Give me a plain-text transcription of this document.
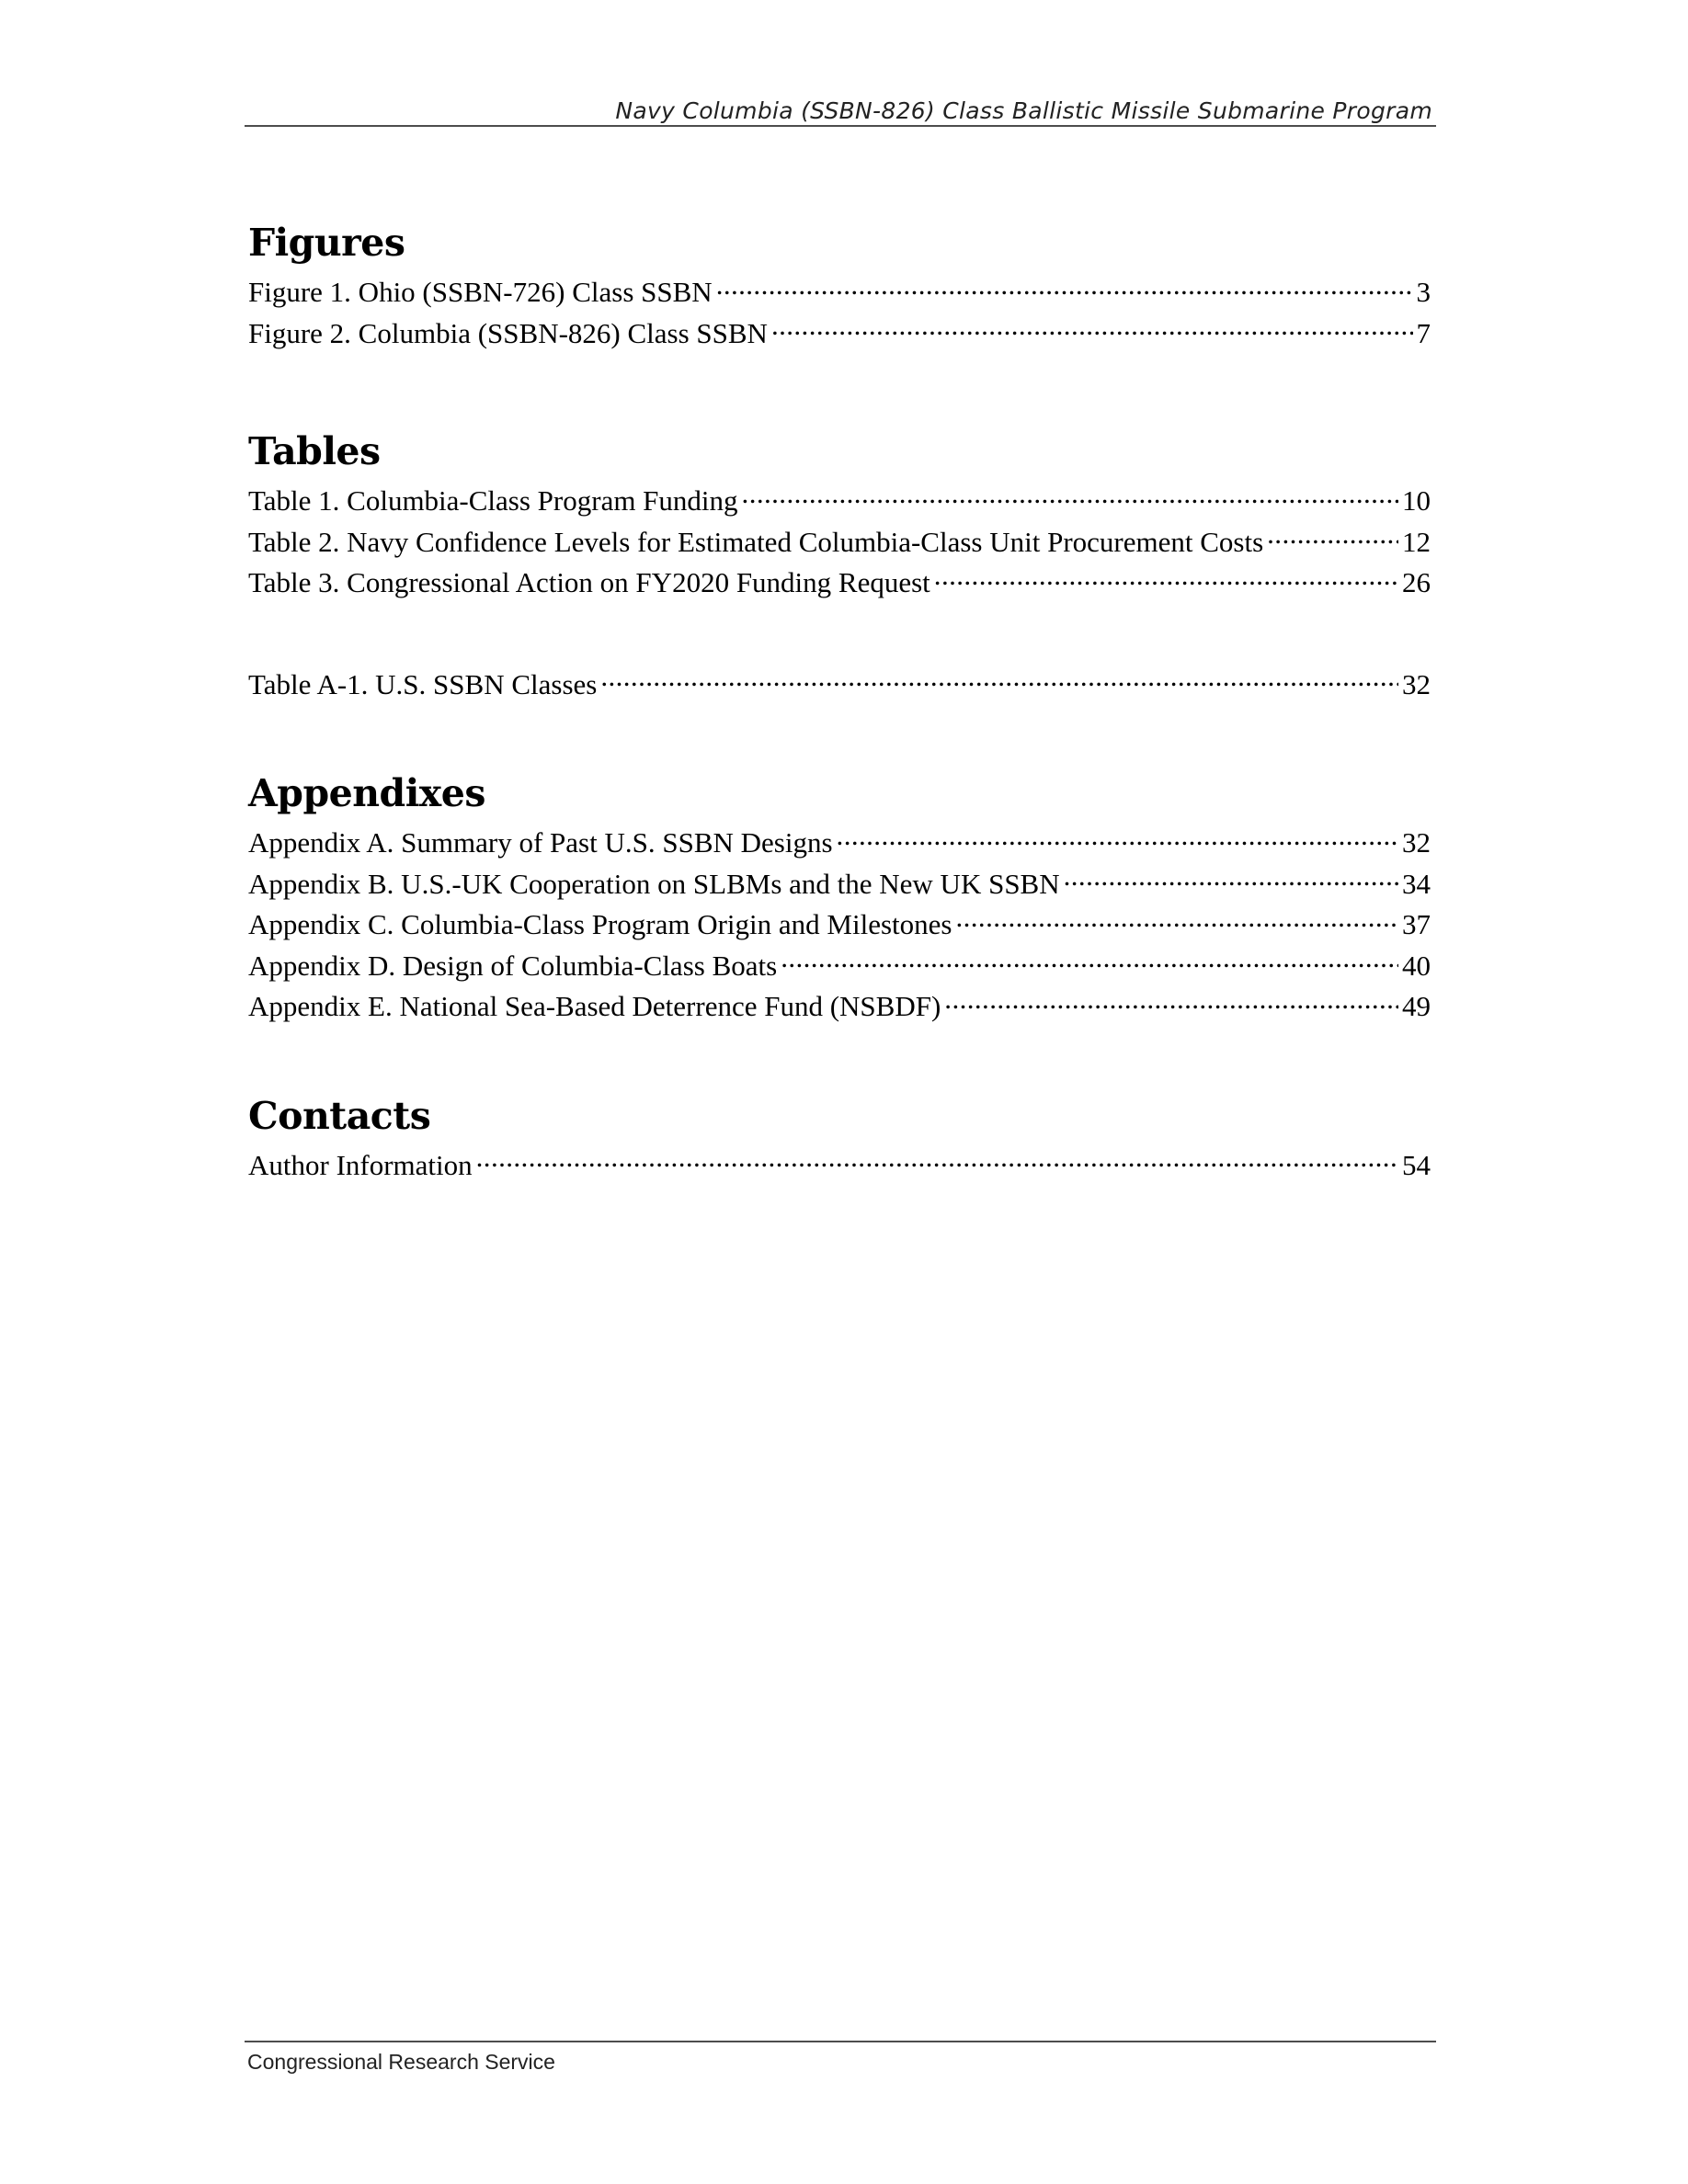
Navy Columbia (SSBN-826) Class Ballistic Missile Submarine Program
Figures
Figure 1. Ohio (SSBN-726) Class SSBN .....	3
Figure 2. Columbia (SSBN-826) Class SSBN .....	7
Tables
Table 1. Columbia-Class Program Funding .....	10
Table 2. Navy Confidence Levels for Estimated Columbia-Class Unit Procurement Costs .....	12
Table 3. Congressional Action on FY2020 Funding Request .....	26
Table A-1. U.S. SSBN Classes .....	32
Appendixes
Appendix A. Summary of Past U.S. SSBN Designs .....	32
Appendix B. U.S.-UK Cooperation on SLBMs and the New UK SSBN .....	34
Appendix C. Columbia-Class Program Origin and Milestones .....	37
Appendix D. Design of Columbia-Class Boats .....	40
Appendix E. National Sea-Based Deterrence Fund (NSBDF) .....	49
Contacts
Author Information .....	54
Congressional Research Service
